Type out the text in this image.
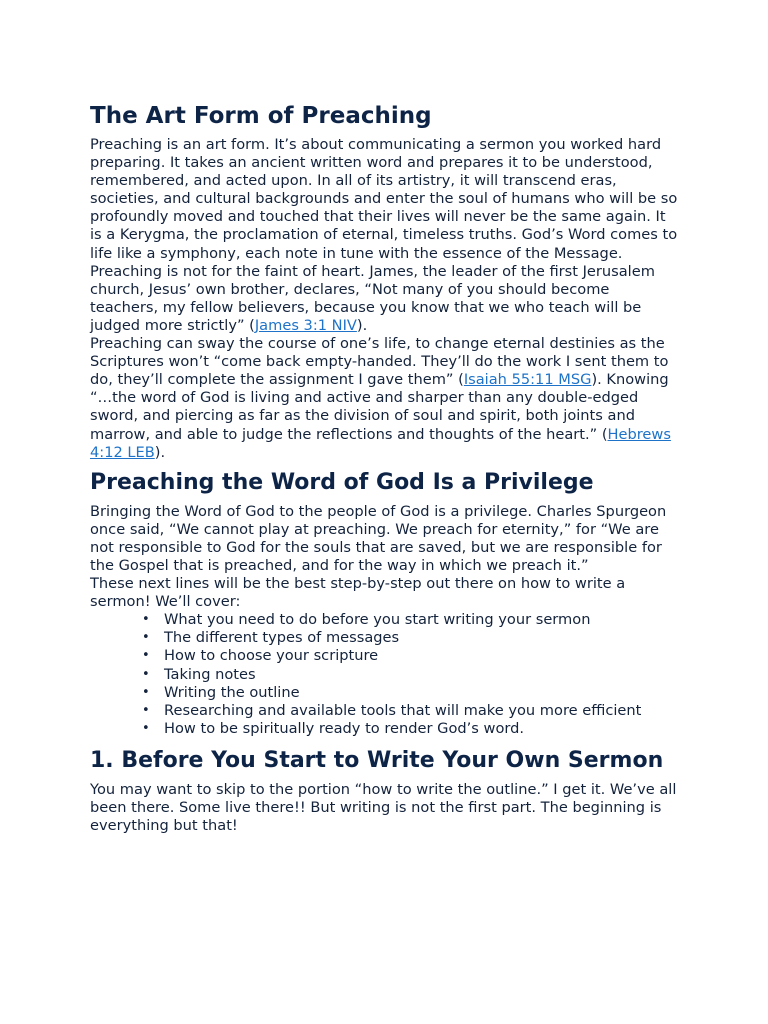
The Art Form of Preaching

Preaching is an art form. It’s about communicating a sermon you worked hard preparing. It takes an ancient written word and prepares it to be understood, remembered, and acted upon. In all of its artistry, it will transcend eras, societies, and cultural backgrounds and enter the soul of humans who will be so profoundly moved and touched that their lives will never be the same again. It is a Kerygma, the proclamation of eternal, timeless truths. God’s Word comes to life like a symphony, each note in tune with the essence of the Message.

Preaching is not for the faint of heart. James, the leader of the first Jerusalem church, Jesus’ own brother, declares, “Not many of you should become teachers, my fellow believers, because you know that we who teach will be judged more strictly” (James 3:1 NIV).

Preaching can sway the course of one’s life, to change eternal destinies as the Scriptures won’t “come back empty-handed. They’ll do the work I sent them to do, they’ll complete the assignment I gave them” (Isaiah 55:11 MSG). Knowing “…the word of God is living and active and sharper than any double-edged sword, and piercing as far as the division of soul and spirit, both joints and marrow, and able to judge the reflections and thoughts of the heart.” (Hebrews 4:12 LEB).

Preaching the Word of God Is a Privilege

Bringing the Word of God to the people of God is a privilege. Charles Spurgeon once said, “We cannot play at preaching. We preach for eternity,” for “We are not responsible to God for the souls that are saved, but we are responsible for the Gospel that is preached, and for the way in which we preach it.”

These next lines will be the best step-by-step out there on how to write a sermon! We’ll cover:

• What you need to do before you start writing your sermon
• The different types of messages
• How to choose your scripture
• Taking notes
• Writing the outline
• Researching and available tools that will make you more efficient
• How to be spiritually ready to render God’s word.
1. Before You Start to Write Your Own Sermon

You may want to skip to the portion “how to write the outline.” I get it. We’ve all been there. Some live there!! But writing is not the first part. The beginning is everything but that!
